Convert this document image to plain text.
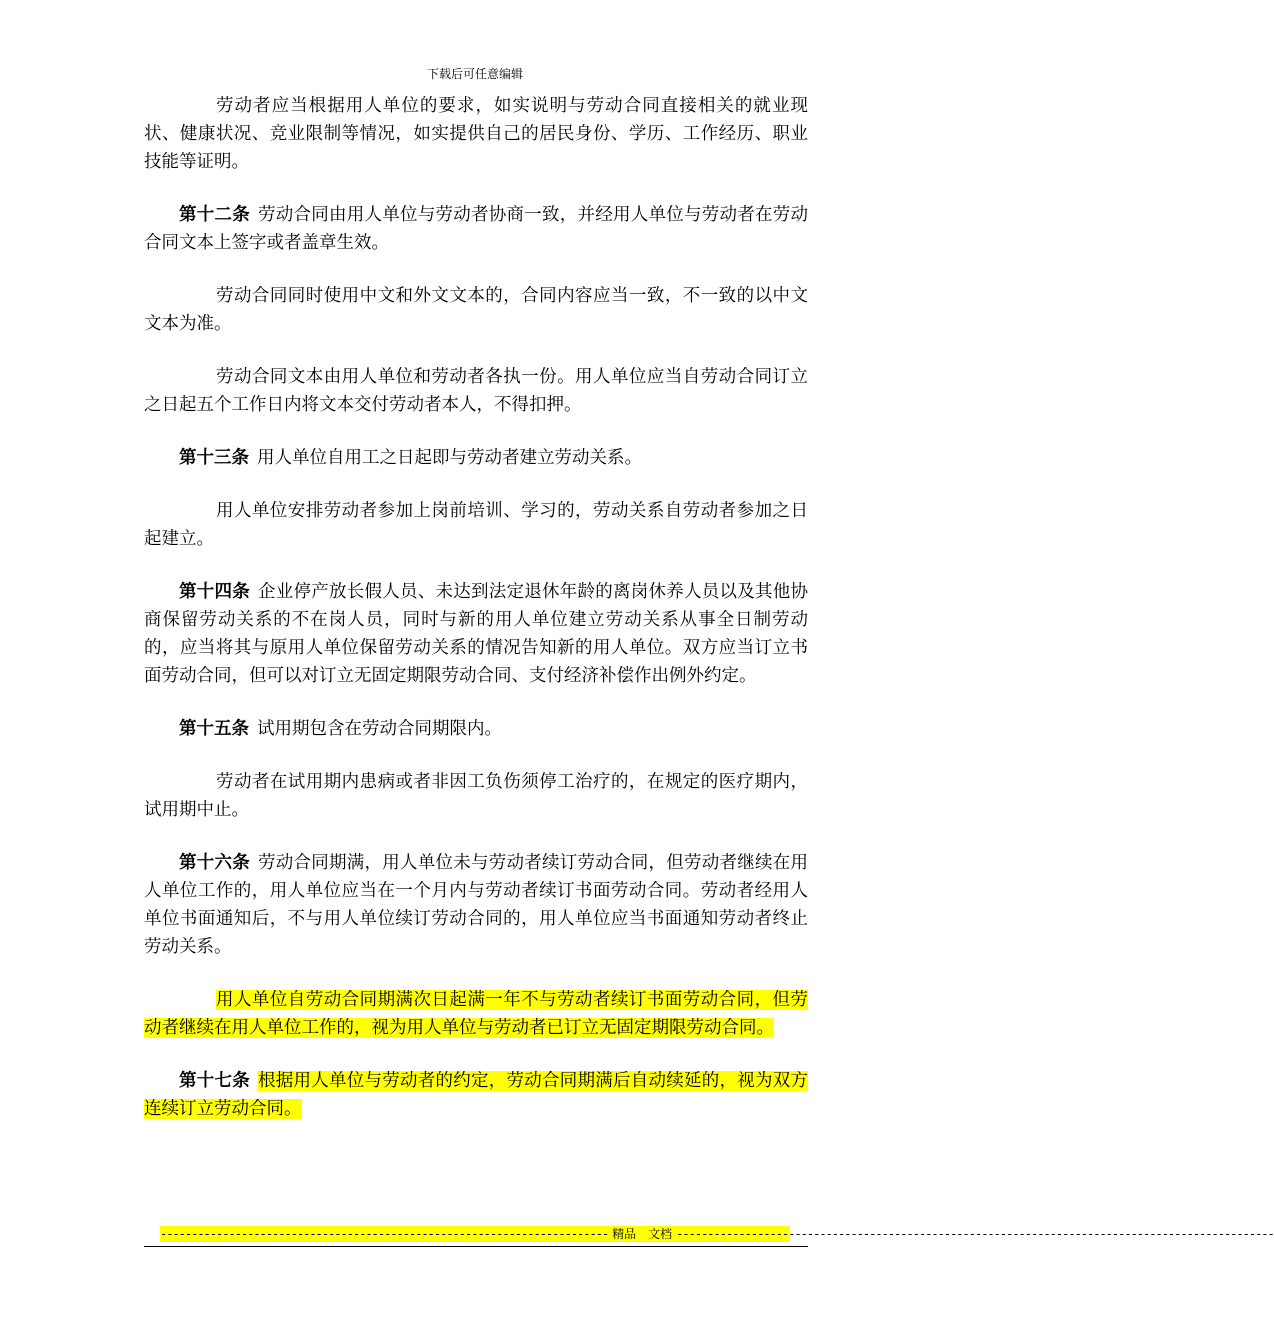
下载后可任意编辑

劳动者应当根据用人单位的要求，如实说明与劳动合同直接相关的就业现状、健康状况、竞业限制等情况，如实提供自己的居民身份、学历、工作经历、职业技能等证明。

第十二条 劳动合同由用人单位与劳动者协商一致，并经用人单位与劳动者在劳动合同文本上签字或者盖章生效。

劳动合同同时使用中文和外文文本的，合同内容应当一致，不一致的以中文文本为准。

劳动合同文本由用人单位和劳动者各执一份。用人单位应当自劳动合同订立之日起五个工作日内将文本交付劳动者本人，不得扣押。

第十三条 用人单位自用工之日起即与劳动者建立劳动关系。

用人单位安排劳动者参加上岗前培训、学习的，劳动关系自劳动者参加之日起建立。

第十四条 企业停产放长假人员、未达到法定退休年龄的离岗休养人员以及其他协商保留劳动关系的不在岗人员，同时与新的用人单位建立劳动关系从事全日制劳动的，应当将其与原用人单位保留劳动关系的情况告知新的用人单位。双方应当订立书面劳动合同，但可以对订立无固定期限劳动合同、支付经济补偿作出例外约定。

第十五条 试用期包含在劳动合同期限内。

劳动者在试用期内患病或者非因工负伤须停工治疗的，在规定的医疗期内，试用期中止。

第十六条 劳动合同期满，用人单位未与劳动者续订劳动合同，但劳动者继续在用人单位工作的，用人单位应当在一个月内与劳动者续订书面劳动合同。劳动者经用人单位书面通知后，不与用人单位续订劳动合同的，用人单位应当书面通知劳动者终止劳动关系。

用人单位自劳动合同期满次日起满一年不与劳动者续订书面劳动合同，但劳动者继续在用人单位工作的，视为用人单位与劳动者已订立无固定期限劳动合同。

第十七条 根据用人单位与劳动者的约定，劳动合同期满后自动续延的，视为双方连续订立劳动合同。

------------------------------------------------------------------------ 精品　文档 ------------------------------------------------------------------------------------------------
